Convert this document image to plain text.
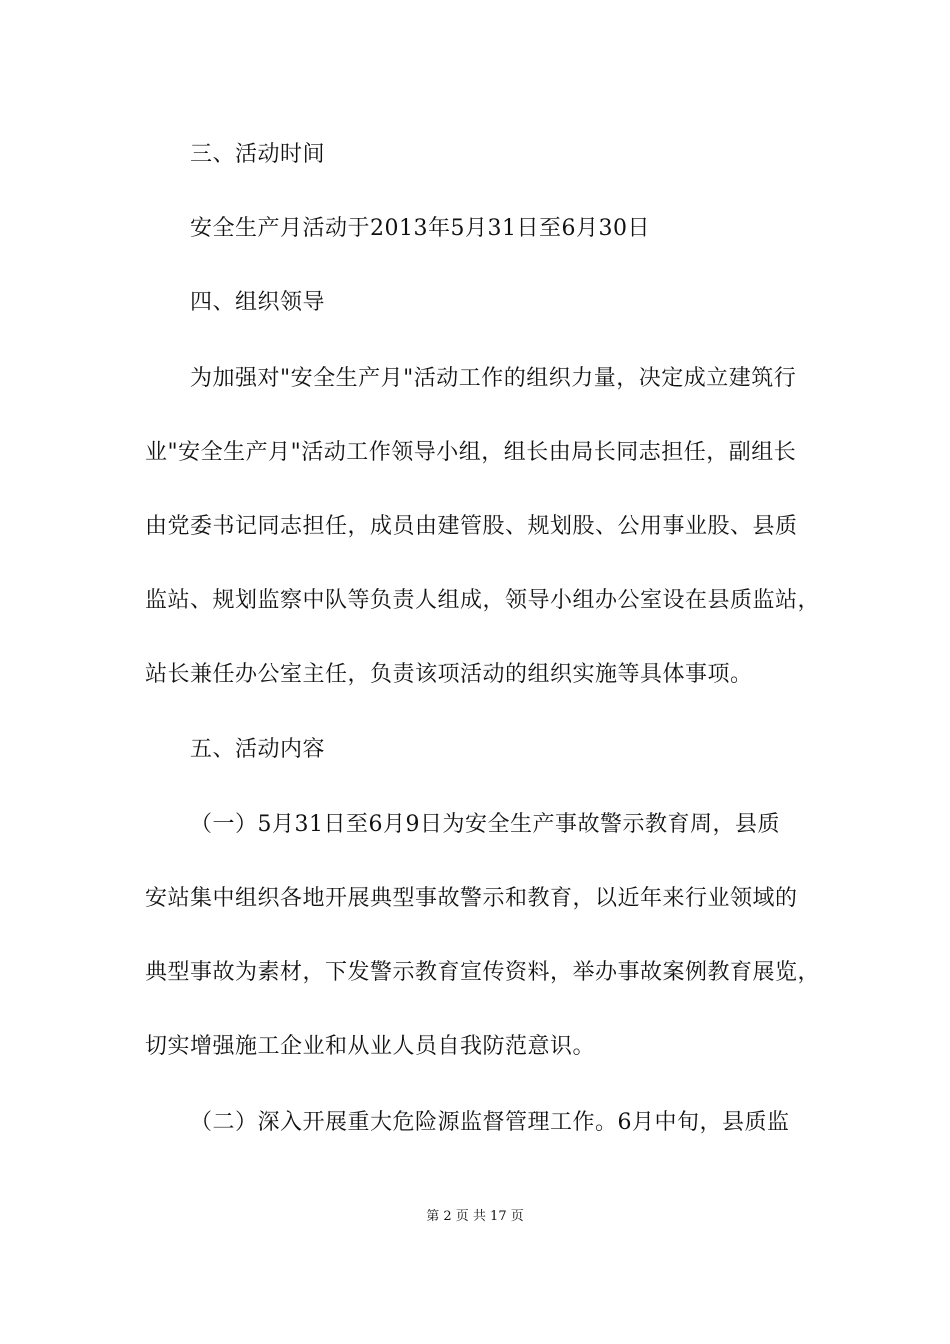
三、活动时间
安全生产月活动于2013年5月31日至6月30日
四、组织领导
为加强对"安全生产月"活动工作的组织力量，决定成立建筑行
业"安全生产月"活动工作领导小组，组长由局长同志担任，副组长
由党委书记同志担任，成员由建管股、规划股、公用事业股、县质
监站、规划监察中队等负责人组成，领导小组办公室设在县质监站，
站长兼任办公室主任，负责该项活动的组织实施等具体事项。
五、活动内容
（一）5月31日至6月9日为安全生产事故警示教育周，县质
安站集中组织各地开展典型事故警示和教育，以近年来行业领域的
典型事故为素材，下发警示教育宣传资料，举办事故案例教育展览，
切实增强施工企业和从业人员自我防范意识。
（二）深入开展重大危险源监督管理工作。6月中旬，县质监
第 2 页 共 17 页
